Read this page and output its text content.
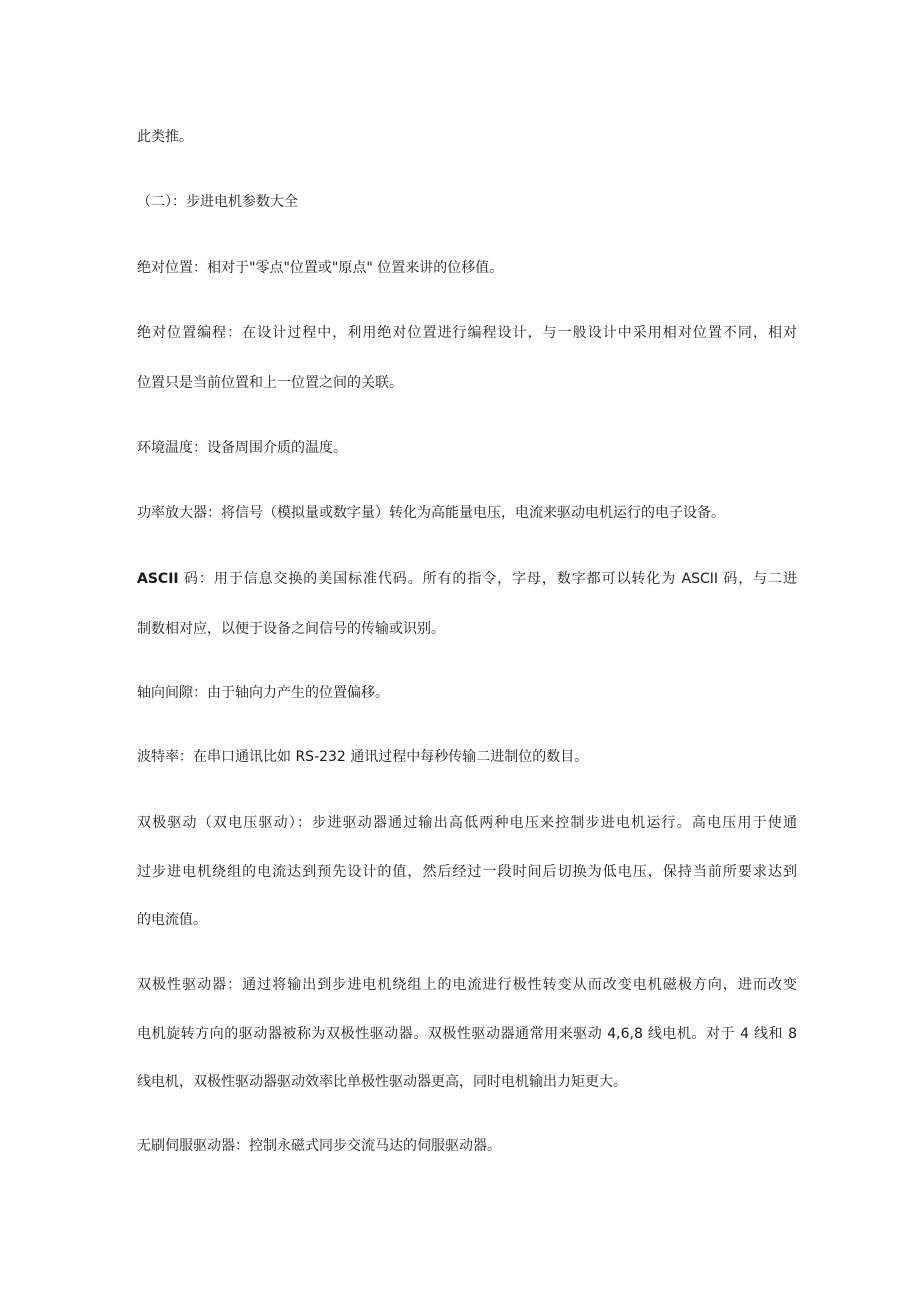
此类推。
（二）：步进电机参数大全
绝对位置：相对于"零点"位置或"原点" 位置来讲的位移值。
绝对位置编程：在设计过程中，利用绝对位置进行编程设计，与一般设计中采用相对位置不同，相对
位置只是当前位置和上一位置之间的关联。
环境温度：设备周围介质的温度。
功率放大器：将信号（模拟量或数字量）转化为高能量电压，电流来驱动电机运行的电子设备。
ASCII 码：用于信息交换的美国标准代码。所有的指令，字母，数字都可以转化为 ASCII 码，与二进
制数相对应，以便于设备之间信号的传输或识别。
轴向间隙：由于轴向力产生的位置偏移。
波特率：在串口通讯比如 RS-232 通讯过程中每秒传输二进制位的数目。
双极驱动（双电压驱动）：步进驱动器通过输出高低两种电压来控制步进电机运行。高电压用于使通
过步进电机绕组的电流达到预先设计的值，然后经过一段时间后切换为低电压，保持当前所要求达到
的电流值。
双极性驱动器：通过将输出到步进电机绕组上的电流进行极性转变从而改变电机磁极方向，进而改变
电机旋转方向的驱动器被称为双极性驱动器。双极性驱动器通常用来驱动 4,6,8 线电机。对于 4 线和 8
线电机，双极性驱动器驱动效率比单极性驱动器更高，同时电机输出力矩更大。
无刷伺服驱动器：控制永磁式同步交流马达的伺服驱动器。
